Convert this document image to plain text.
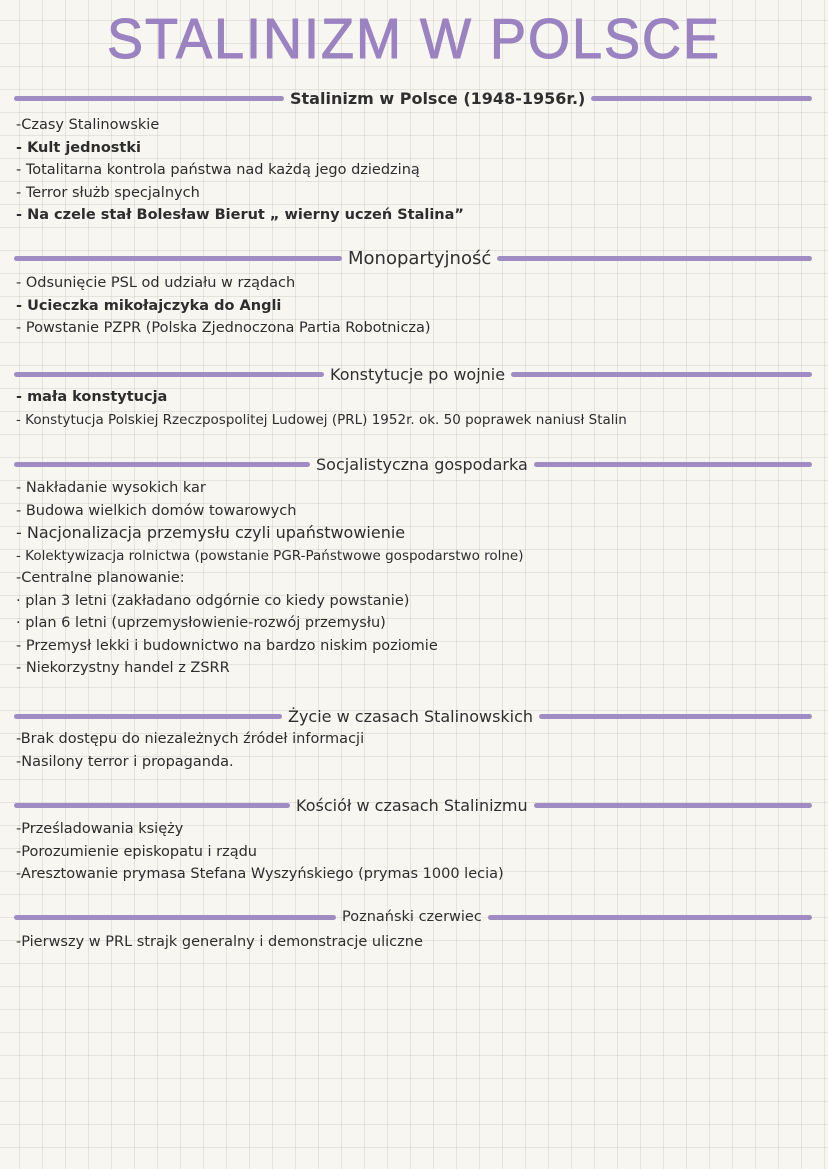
STALINIZM W POLSCE
Stalinizm w Polsce (1948-1956r.)
-Czasy Stalinowskie
- Kult jednostki
- Totalitarna kontrola państwa nad każdą jego dziedziną
- Terror służb specjalnych
- Na czele stał Bolesław Bierut „ wierny uczeń Stalina”
Monopartyjność
- Odsunięcie PSL od udziału w rządach
- Ucieczka mikołajczyka do Angli
- Powstanie PZPR (Polska Zjednoczona Partia Robotnicza)
Konstytucje po wojnie
- mała konstytucja
- Konstytucja Polskiej Rzeczpospolitej Ludowej (PRL) 1952r. ok. 50 poprawek naniusł Stalin
Socjalistyczna gospodarka
- Nakładanie wysokich kar
- Budowa wielkich domów towarowych
- Nacjonalizacja przemysłu czyli upaństwowienie
- Kolektywizacja rolnictwa (powstanie PGR-Państwowe gospodarstwo rolne)
-Centralne planowanie:
· plan 3 letni (zakładano odgórnie co kiedy powstanie)
· plan 6 letni (uprzemysłowienie-rozwój przemysłu)
- Przemysł lekki i budownictwo na bardzo niskim poziomie
- Niekorzystny handel z ZSRR
Życie w czasach Stalinowskich
-Brak dostępu do niezależnych źródeł informacji
-Nasilony terror i propaganda.
Kościół w czasach Stalinizmu
-Prześladowania księży
-Porozumienie episkopatu i rządu
-Aresztowanie prymasa Stefana Wyszyńskiego (prymas 1000 lecia)
Poznański czerwiec
-Pierwszy w PRL strajk generalny i demonstracje uliczne
